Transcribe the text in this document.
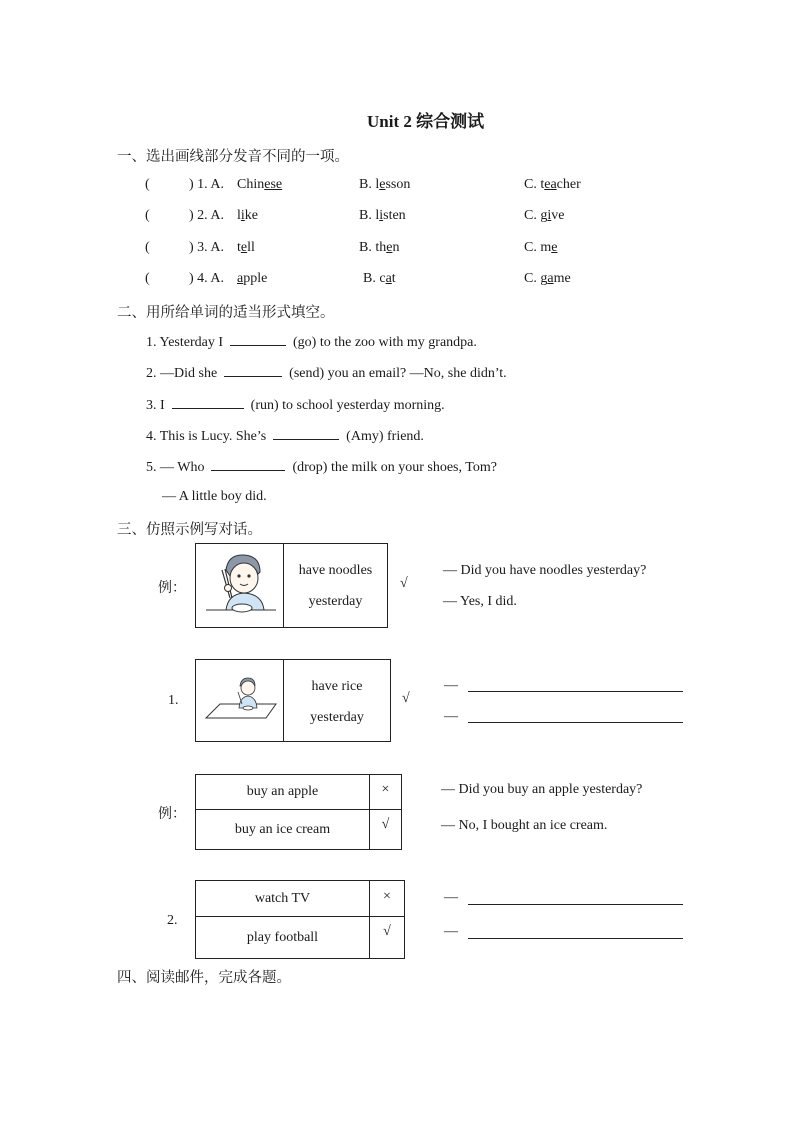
Unit 2 综合测试
一、选出画线部分发音不同的一项。
(	) 1. A. Chinese	B. lesson	C. teacher
(	) 2. A. like	B. listen	C. give
(	) 3. A. tell	B. then	C. me
(	) 4. A. apple	B. cat	C. game
二、用所给单词的适当形式填空。
1. Yesterday I	(go) to the zoo with my grandpa.
2. —Did she	(send) you an email? —No, she didn’t.
3. I	(run) to school yesterday morning.
4. This is Lucy. She’s	(Amy) friend.
5. — Who	(drop) the milk on your shoes, Tom?
— A little boy did.
三、仿照示例写对话。
例：
have noodles
yesterday
√
— Did you have noodles yesterday?
— Yes, I did.
1.
have rice
yesterday
√
—
—
例：
buy an apple	×
buy an ice cream	√
— Did you buy an apple yesterday?
— No, I bought an ice cream.
2.
watch TV	×
play football	√
—
—
四、阅读邮件，完成各题。
